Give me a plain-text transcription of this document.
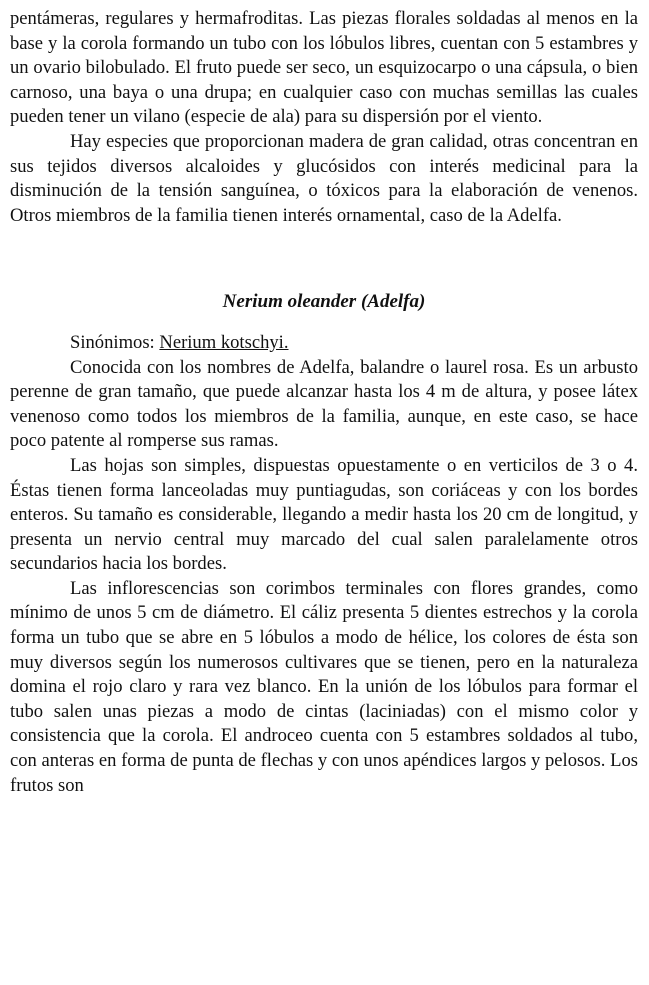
pentámeras, regulares y hermafroditas. Las piezas florales soldadas al menos en la base y la corola formando un tubo con los lóbulos libres, cuentan con 5 estambres y un ovario bilobulado. El fruto puede ser seco, un esquizocarpo o una cápsula, o bien carnoso, una baya o una drupa; en cualquier caso con muchas semillas las cuales pueden tener un vilano (especie de ala) para su dispersión por el viento.

Hay especies que proporcionan madera de gran calidad, otras concentran en sus tejidos diversos alcaloides y glucósidos con interés medicinal para la disminución de la tensión sanguínea, o tóxicos para la elaboración de venenos. Otros miembros de la familia tienen interés ornamental, caso de la Adelfa.

Nerium oleander (Adelfa)

Sinónimos: Nerium kotschyi.

Conocida con los nombres de Adelfa, balandre o laurel rosa. Es un arbusto perenne de gran tamaño, que puede alcanzar hasta los 4 m de altura, y posee látex venenoso como todos los miembros de la familia, aunque, en este caso, se hace poco patente al romperse sus ramas.

Las hojas son simples, dispuestas opuestamente o en verticilos de 3 o 4. Éstas tienen forma lanceoladas muy puntiagudas, son coriáceas y con los bordes enteros. Su tamaño es considerable, llegando a medir hasta los 20 cm de longitud, y presenta un nervio central muy marcado del cual salen paralelamente otros secundarios hacia los bordes.

Las inflorescencias son corimbos terminales con flores grandes, como mínimo de unos 5 cm de diámetro. El cáliz presenta 5 dientes estrechos y la corola forma un tubo que se abre en 5 lóbulos a modo de hélice, los colores de ésta son muy diversos según los numerosos cultivares que se tienen, pero en la naturaleza domina el rojo claro y rara vez blanco. En la unión de los lóbulos para formar el tubo salen unas piezas a modo de cintas (laciniadas) con el mismo color y consistencia que la corola. El androceo cuenta con 5 estambres soldados al tubo, con anteras en forma de punta de flechas y con unos apéndices largos y pelosos. Los frutos son
